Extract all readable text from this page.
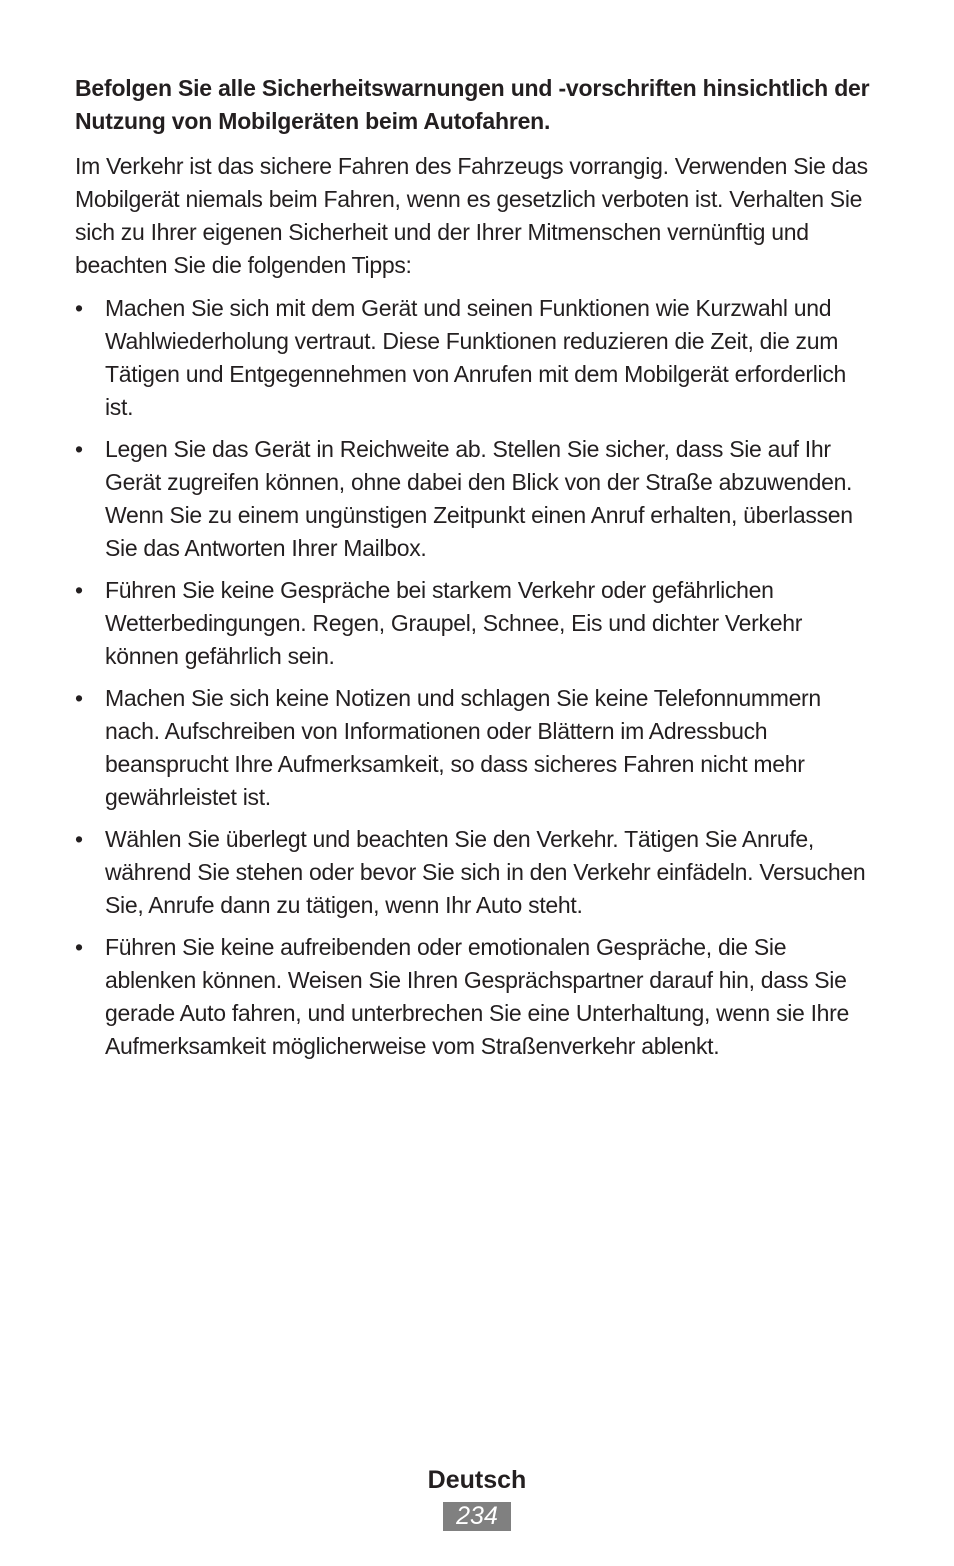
Befolgen Sie alle Sicherheitswarnungen und -vorschriften hinsichtlich der Nutzung von Mobilgeräten beim Autofahren.

Im Verkehr ist das sichere Fahren des Fahrzeugs vorrangig. Verwenden Sie das Mobilgerät niemals beim Fahren, wenn es gesetzlich verboten ist. Verhalten Sie sich zu Ihrer eigenen Sicherheit und der Ihrer Mitmenschen vernünftig und beachten Sie die folgenden Tipps:

• Machen Sie sich mit dem Gerät und seinen Funktionen wie Kurzwahl und Wahlwiederholung vertraut. Diese Funktionen reduzieren die Zeit, die zum Tätigen und Entgegennehmen von Anrufen mit dem Mobilgerät erforderlich ist.
• Legen Sie das Gerät in Reichweite ab. Stellen Sie sicher, dass Sie auf Ihr Gerät zugreifen können, ohne dabei den Blick von der Straße abzuwenden. Wenn Sie zu einem ungünstigen Zeitpunkt einen Anruf erhalten, überlassen Sie das Antworten Ihrer Mailbox.
• Führen Sie keine Gespräche bei starkem Verkehr oder gefährlichen Wetterbedingungen. Regen, Graupel, Schnee, Eis und dichter Verkehr können gefährlich sein.
• Machen Sie sich keine Notizen und schlagen Sie keine Telefonnummern nach. Aufschreiben von Informationen oder Blättern im Adressbuch beansprucht Ihre Aufmerksamkeit, so dass sicheres Fahren nicht mehr gewährleistet ist.
• Wählen Sie überlegt und beachten Sie den Verkehr. Tätigen Sie Anrufe, während Sie stehen oder bevor Sie sich in den Verkehr einfädeln. Versuchen Sie, Anrufe dann zu tätigen, wenn Ihr Auto steht.
• Führen Sie keine aufreibenden oder emotionalen Gespräche, die Sie ablenken können. Weisen Sie Ihren Gesprächspartner darauf hin, dass Sie gerade Auto fahren, und unterbrechen Sie eine Unterhaltung, wenn sie Ihre Aufmerksamkeit möglicherweise vom Straßenverkehr ablenkt.
Deutsch
234
